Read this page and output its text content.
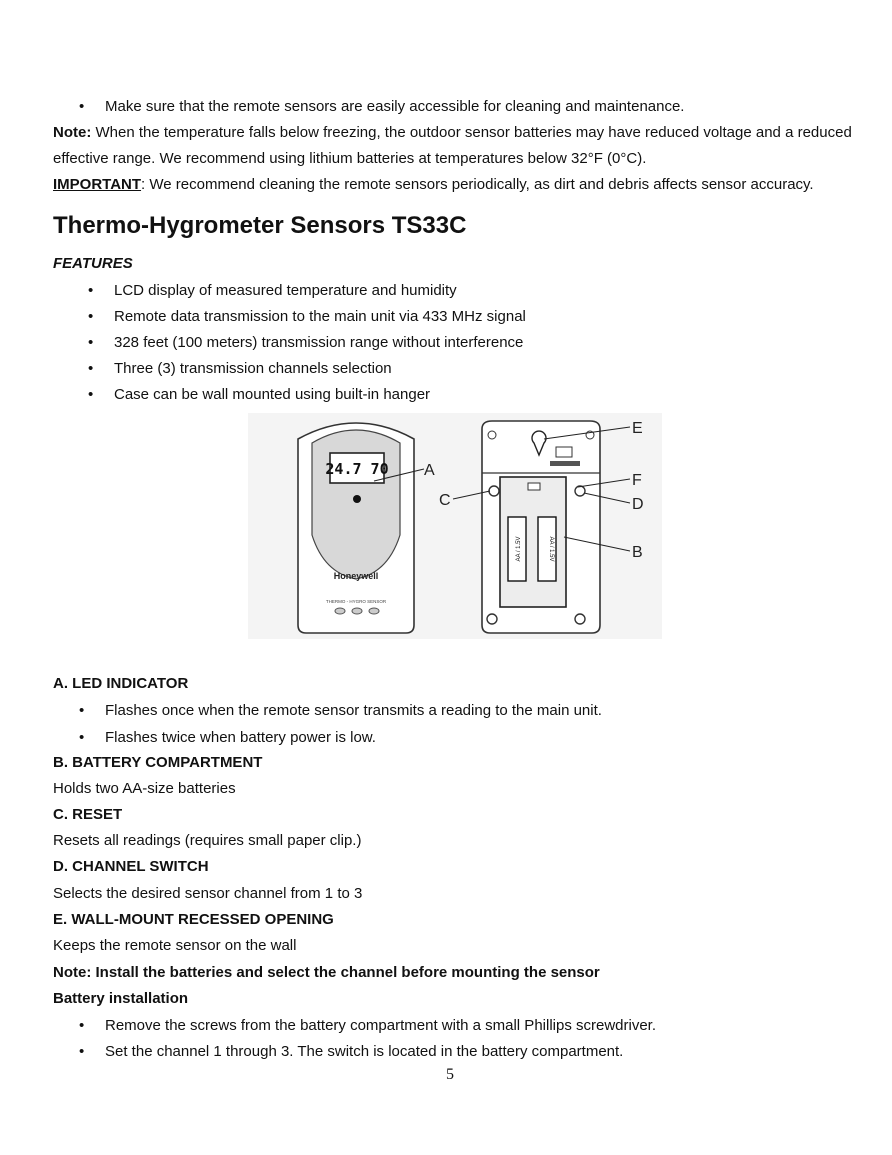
• Make sure that the remote sensors are easily accessible for cleaning and maintenance.
Note: When the temperature falls below freezing, the outdoor sensor batteries may have reduced voltage and a reduced
effective range. We recommend using lithium batteries at temperatures below 32°F (0°C).
IMPORTANT: We recommend cleaning the remote sensors periodically, as dirt and debris affects sensor accuracy.
Thermo-Hygrometer Sensors TS33C
FEATURES
• LCD display of measured temperature and humidity
• Remote data transmission to the main unit via 433 MHz signal
• 328 feet (100 meters) transmission range without interference
• Three (3) transmission channels selection
• Case can be wall mounted using built-in hanger
24.7 70
Honeywell
THERMO - HYGRO SENSOR
AA / 1.5V	AA / 1.5V
A
B
C	D
E
F
A. LED INDICATOR
• Flashes once when the remote sensor transmits a reading to the main unit.
• Flashes twice when battery power is low.
B. BATTERY COMPARTMENT
Holds two AA-size batteries
C. RESET
Resets all readings (requires small paper clip.)
D. CHANNEL SWITCH
Selects the desired sensor channel from 1 to 3
E. WALL-MOUNT RECESSED OPENING
Keeps the remote sensor on the wall
Note: Install the batteries and select the channel before mounting the sensor
Battery installation
• Remove the screws from the battery compartment with a small Phillips screwdriver.
• Set the channel 1 through 3. The switch is located in the battery compartment.
5
